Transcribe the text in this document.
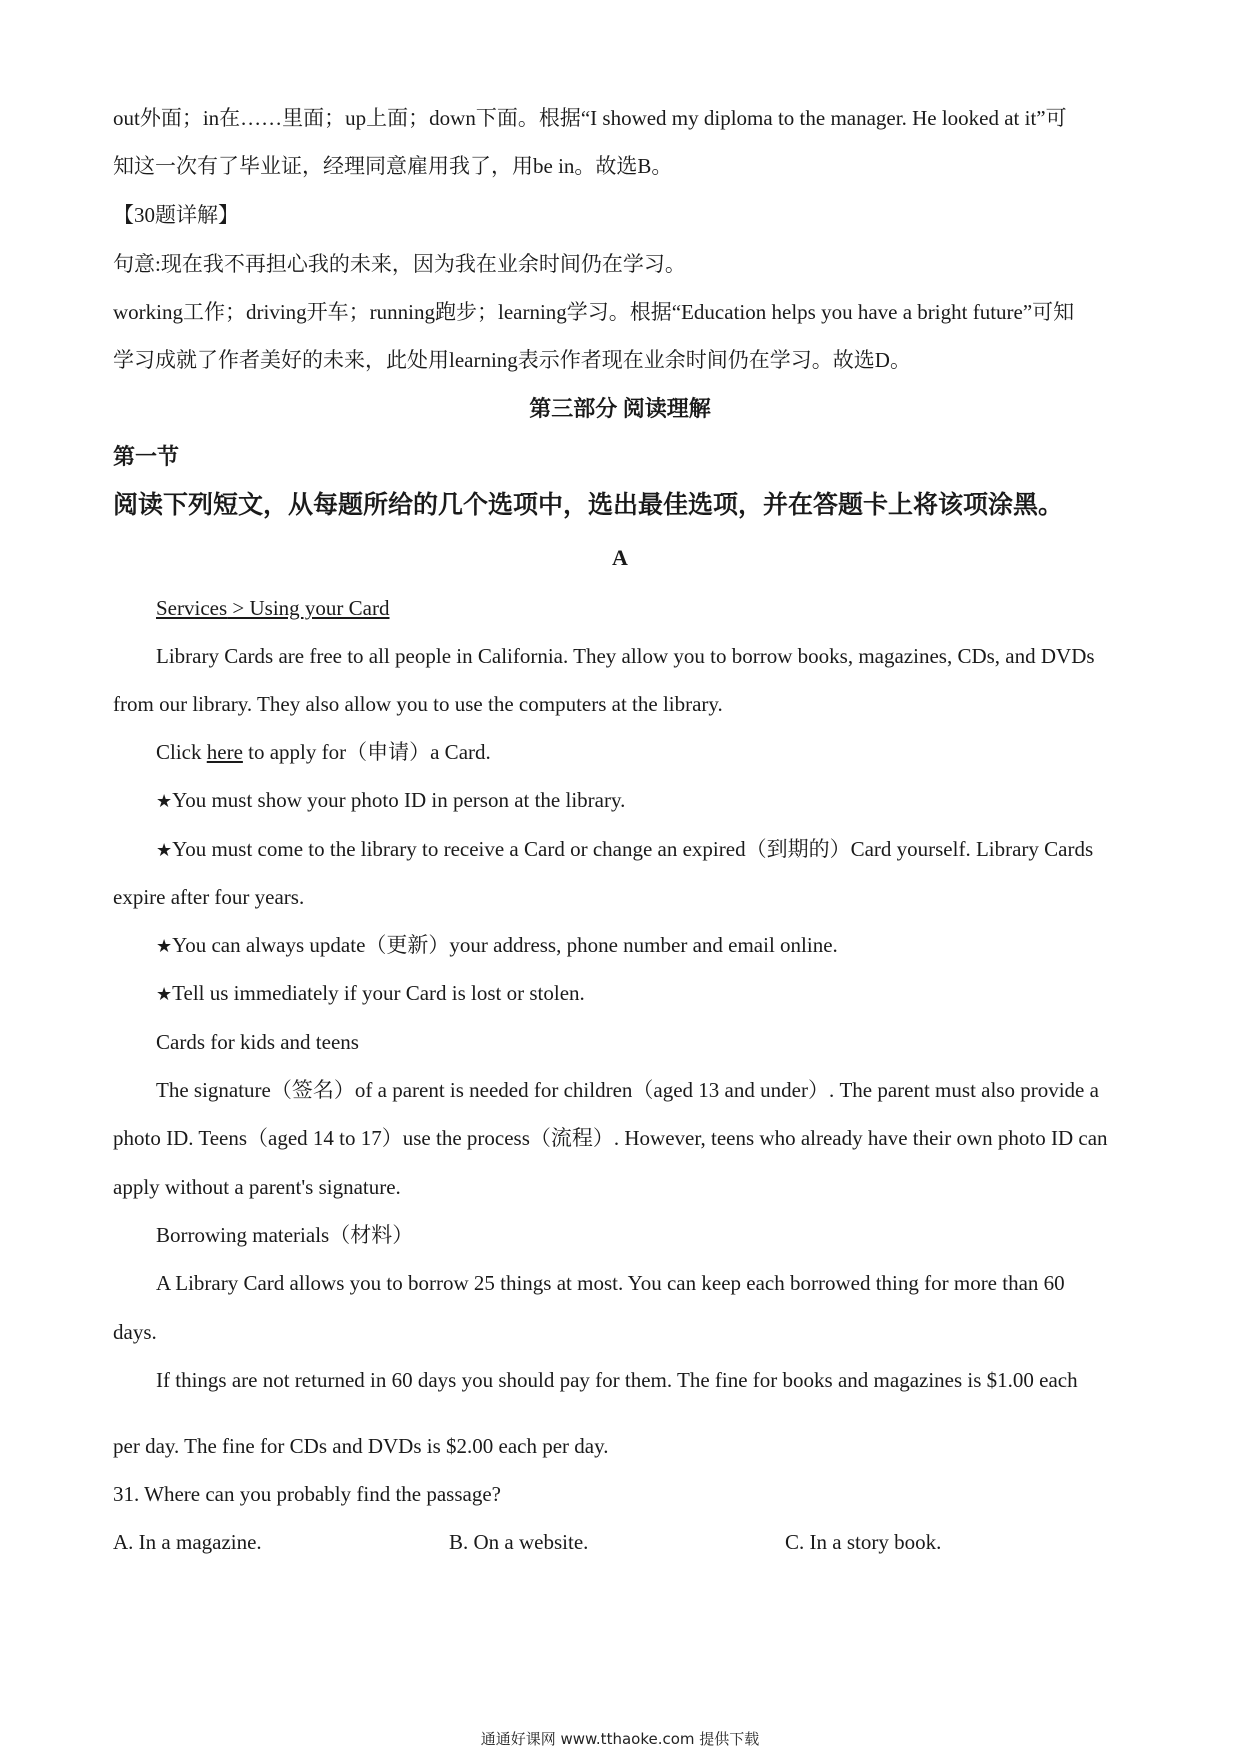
out外面；in在……里面；up上面；down下面。根据“I showed my diploma to the manager. He looked at it”可
知这一次有了毕业证，经理同意雇用我了，用be in。故选B。
【30题详解】
句意:现在我不再担心我的未来，因为我在业余时间仍在学习。
working工作；driving开车；running跑步；learning学习。根据“Education helps you have a bright future”可知
学习成就了作者美好的未来，此处用learning表示作者现在业余时间仍在学习。故选D。
第三部分 阅读理解
第一节
阅读下列短文，从每题所给的几个选项中，选出最佳选项，并在答题卡上将该项涂黑。
A
Services > Using your Card
Library Cards are free to all people in California. They allow you to borrow books, magazines, CDs, and DVDs
from our library. They also allow you to use the computers at the library.
Click here to apply for（申请）a Card.
★You must show your photo ID in person at the library.
★You must come to the library to receive a Card or change an expired（到期的）Card yourself. Library Cards
expire after four years.
★You can always update（更新）your address, phone number and email online.
★Tell us immediately if your Card is lost or stolen.
Cards for kids and teens
The signature（签名）of a parent is needed for children（aged 13 and under）. The parent must also provide a
photo ID. Teens（aged 14 to 17）use the process（流程）. However, teens who already have their own photo ID can
apply without a parent's signature.
Borrowing materials（材料）
A Library Card allows you to borrow 25 things at most. You can keep each borrowed thing for more than 60
days.
If things are not returned in 60 days you should pay for them. The fine for books and magazines is $1.00 each
per day. The fine for CDs and DVDs is $2.00 each per day.
31. Where can you probably find the passage?
A. In a magazine.	B. On a website.	C. In a story book.
通通好课网 www.tthaoke.com 提供下载
